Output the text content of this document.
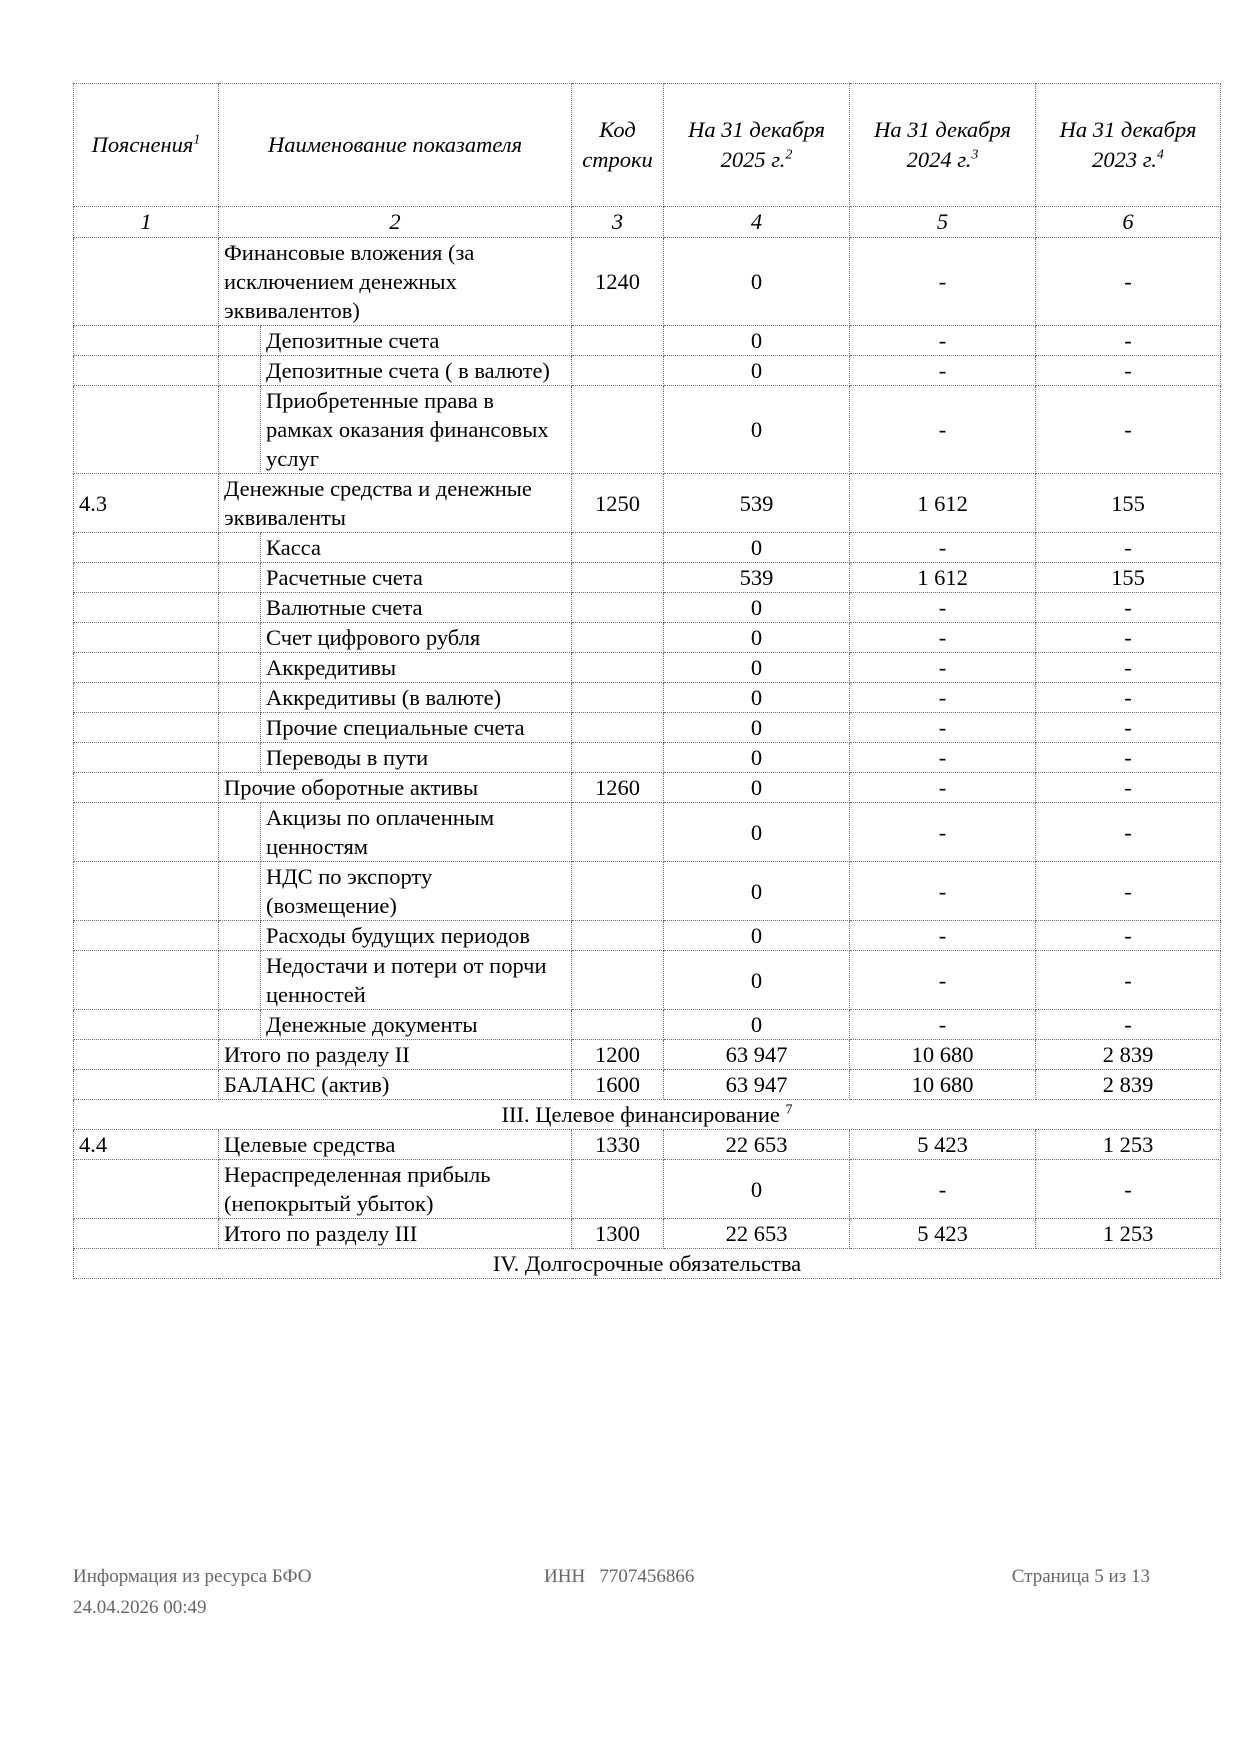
Пояснения$^1$	Наименование показателя		Код строки	На 31 декабря 2025 г.$^2$	На 31 декабря 2024 г.$^3$	На 31 декабря 2023 г.$^4$
1	2		3	4	5	6
	Финансовые вложения (за исключением денежных эквивалентов)		1240	0	-	-
		Депозитные счета		0	-	-
		Депозитные счета ( в валюте)		0	-	-
		Приобретенные права в рамках оказания финансовых услуг		0	-	-
4.3	Денежные средства и денежные эквиваленты		1250	539	1 612	155
		Касса		0	-	-
		Расчетные счета		539	1 612	155
		Валютные счета		0	-	-
		Счет цифрового рубля		0	-	-
		Аккредитивы		0	-	-
		Аккредитивы (в валюте)		0	-	-
		Прочие специальные счета		0	-	-
		Переводы в пути		0	-	-
	Прочие оборотные активы		1260	0	-	-
		Акцизы по оплаченным ценностям		0	-	-
		НДС по экспорту (возмещение)		0	-	-
		Расходы будущих периодов		0	-	-
		Недостачи и потери от порчи ценностей		0	-	-
		Денежные документы		0	-	-
	Итого по разделу II		1200	63 947	10 680	2 839
	БАЛАНС (актив)		1600	63 947	10 680	2 839
III. Целевое финансирование $^7$
4.4	Целевые средства		1330	22 653	5 423	1 253
	Нераспределенная прибыль (непокрытый убыток)			0	-	-
	Итого по разделу III		1300	22 653	5 423	1 253
IV. Долгосрочные обязательства						
Информация из ресурса БФО
24.04.2026 00:49
ИНН 7707456866	Страница 5 из 13
